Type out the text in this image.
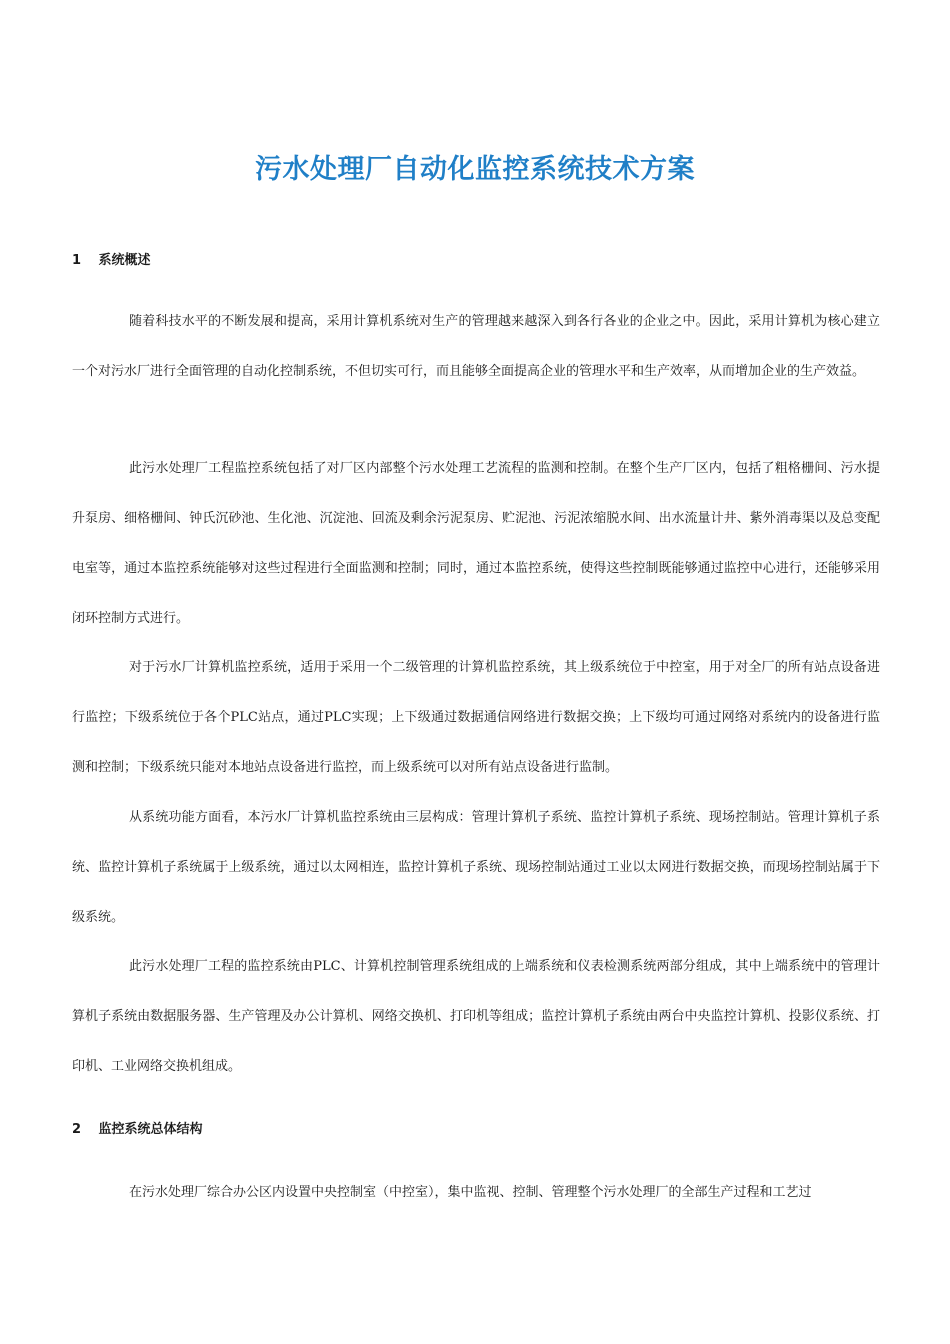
污水处理厂自动化监控系统技术方案
1 系统概述

随着科技水平的不断发展和提高，采用计算机系统对生产的管理越来越深入到各行各业的企业之中。因此，采用计算机为核心建立一个对污水厂进行全面管理的自动化控制系统，不但切实可行，而且能够全面提高企业的管理水平和生产效率，从而增加企业的生产效益。

此污水处理厂工程监控系统包括了对厂区内部整个污水处理工艺流程的监测和控制。在整个生产厂区内，包括了粗格栅间、污水提升泵房、细格栅间、钟氏沉砂池、生化池、沉淀池、回流及剩余污泥泵房、贮泥池、污泥浓缩脱水间、出水流量计井、紫外消毒渠以及总变配电室等，通过本监控系统能够对这些过程进行全面监测和控制；同时，通过本监控系统，使得这些控制既能够通过监控中心进行，还能够采用闭环控制方式进行。

对于污水厂计算机监控系统，适用于采用一个二级管理的计算机监控系统，其上级系统位于中控室，用于对全厂的所有站点设备进行监控；下级系统位于各个PLC站点，通过PLC实现；上下级通过数据通信网络进行数据交换；上下级均可通过网络对系统内的设备进行监测和控制；下级系统只能对本地站点设备进行监控，而上级系统可以对所有站点设备进行监制。

从系统功能方面看，本污水厂计算机监控系统由三层构成：管理计算机子系统、监控计算机子系统、现场控制站。管理计算机子系统、监控计算机子系统属于上级系统，通过以太网相连，监控计算机子系统、现场控制站通过工业以太网进行数据交换，而现场控制站属于下级系统。

此污水处理厂工程的监控系统由PLC、计算机控制管理系统组成的上端系统和仪表检测系统两部分组成，其中上端系统中的管理计算机子系统由数据服务器、生产管理及办公计算机、网络交换机、打印机等组成；监控计算机子系统由两台中央监控计算机、投影仪系统、打印机、工业网络交换机组成。

2 监控系统总体结构

在污水处理厂综合办公区内设置中央控制室（中控室），集中监视、控制、管理整个污水处理厂的全部生产过程和工艺过
